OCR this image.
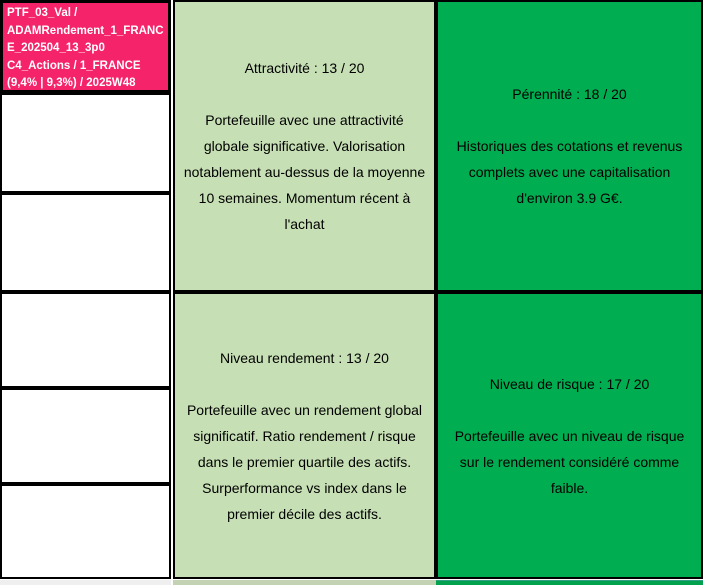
PTF_03_Val / ADAMRendement_1_FRANCE_202504_13_3p0 C4_Actions / 1_FRANCE (9,4% | 9,3%) / 2025W48
Attractivité : 13 / 20
Portefeuille avec une attractivité globale significative. Valorisation notablement au-dessus de la moyenne 10 semaines. Momentum récent à l'achat
Niveau rendement : 13 / 20
Portefeuille avec un rendement global significatif. Ratio rendement / risque dans le premier quartile des actifs. Surperformance vs index dans le premier décile des actifs.
Pérennité : 18 / 20
Historiques des cotations et revenus complets avec une capitalisation d'environ 3.9 G€.
Niveau de risque : 17 / 20
Portefeuille avec un niveau de risque sur le rendement considéré comme faible.
